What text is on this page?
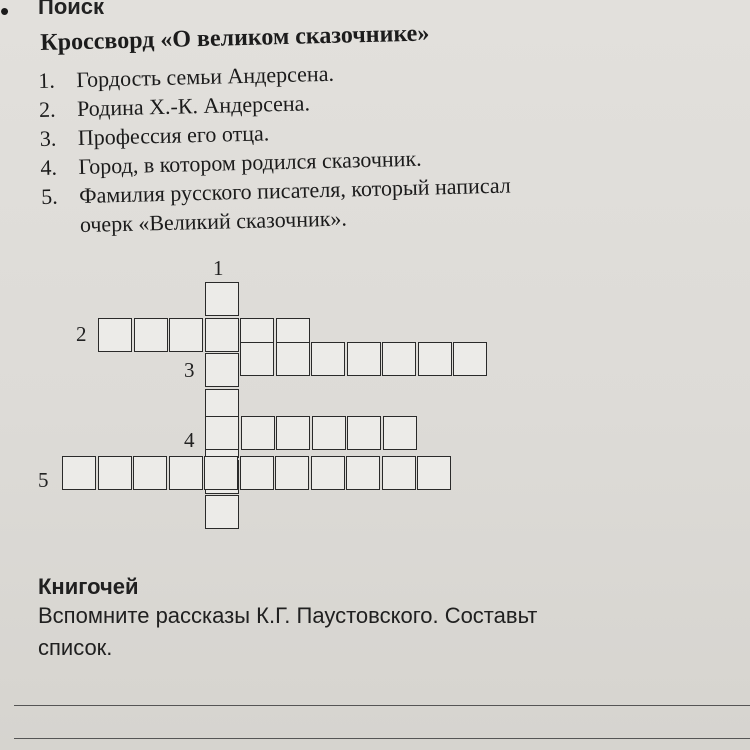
• Поиск
Кроссворд «О великом сказочнике»
1. Гордость семьи Андерсена.
2. Родина Х.-К. Андерсена.
3. Профессия его отца.
4. Город, в котором родился сказочник.
5. Фамилия русского писателя, который написал
очерк «Великий сказочник».
1
2
3
4
5
Книгочей
Вспомните рассказы К.Г. Паустовского. Составьт
список.
